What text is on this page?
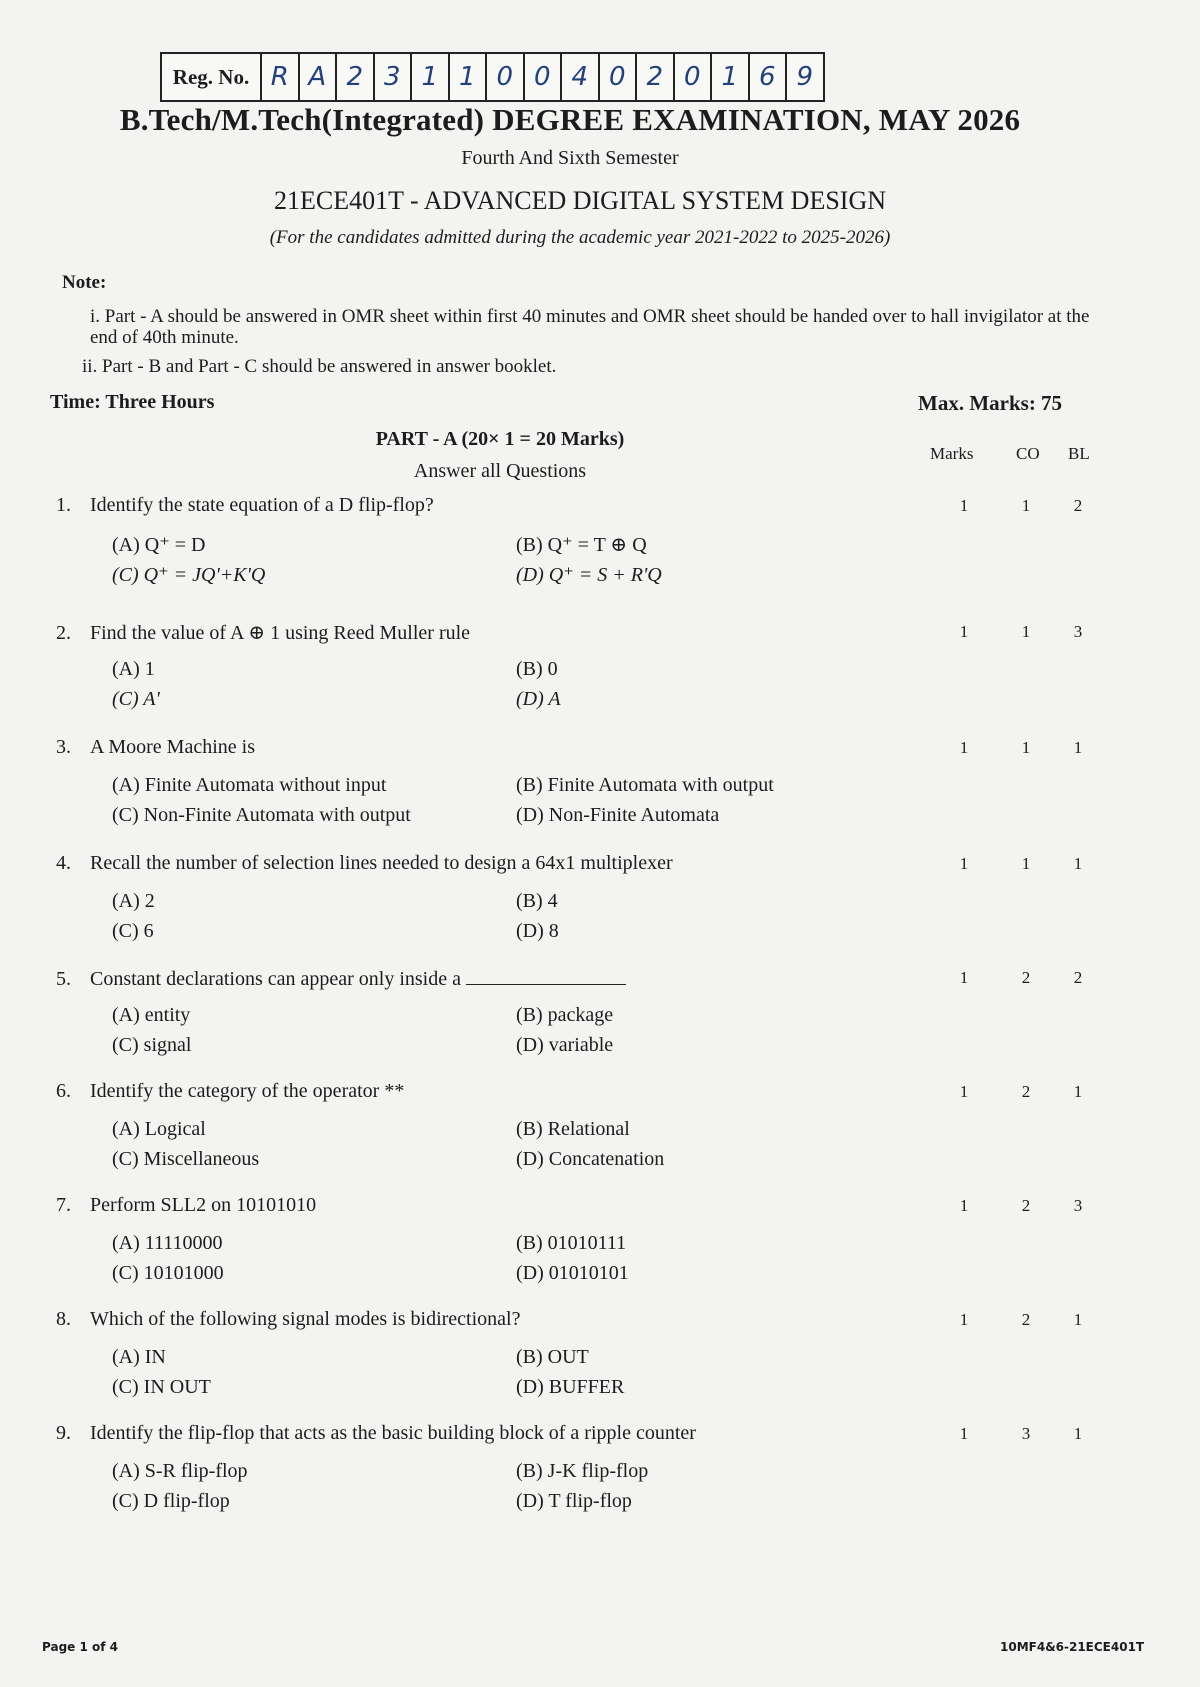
Reg. No. R A 2 3 1 1 0 0 4 0 2 0 1 6 9
B.Tech/M.Tech(Integrated) DEGREE EXAMINATION, MAY 2026
Fourth And Sixth Semester
21ECE401T - ADVANCED DIGITAL SYSTEM DESIGN
(For the candidates admitted during the academic year 2021-2022 to 2025-2026)
Note:
i. Part - A should be answered in OMR sheet within first 40 minutes and OMR sheet should be handed over to hall invigilator at the end of 40th minute.
ii. Part - B and Part - C should be answered in answer booklet.
Time: Three Hours	Max. Marks: 75
PART - A (20× 1 = 20 Marks)
Answer all Questions
Marks	CO BL
1. Identify the state equation of a D flip-flop?	1	1	2
(A) Q⁺ = D	(B) Q⁺ = T ⊕ Q
(C) Q⁺ = JQ'+K'Q	(D) Q⁺ = S + R'Q
2. Find the value of A ⊕ 1 using Reed Muller rule	1	1	3
(A) 1	(B) 0
(C) A'	(D) A
3. A Moore Machine is	1	1	1
(A) Finite Automata without input	(B) Finite Automata with output
(C) Non-Finite Automata with output	(D) Non-Finite Automata
4. Recall the number of selection lines needed to design a 64x1 multiplexer	1	1	1
(A) 2	(B) 4
(C) 6	(D) 8
5. Constant declarations can appear only inside a	1	2	2
(A) entity	(B) package
(C) signal	(D) variable
6. Identify the category of the operator **	1	2	1
(A) Logical	(B) Relational
(C) Miscellaneous	(D) Concatenation
7. Perform SLL2 on 10101010	1	2	3
(A) 11110000	(B) 01010111
(C) 10101000	(D) 01010101
8. Which of the following signal modes is bidirectional?	1	2	1
(A) IN	(B) OUT
(C) IN OUT	(D) BUFFER
9. Identify the flip-flop that acts as the basic building block of a ripple counter	1	3	1
(A) S-R flip-flop	(B) J-K flip-flop
(C) D flip-flop	(D) T flip-flop
Page 1 of 4	10MF4&6-21ECE401T
